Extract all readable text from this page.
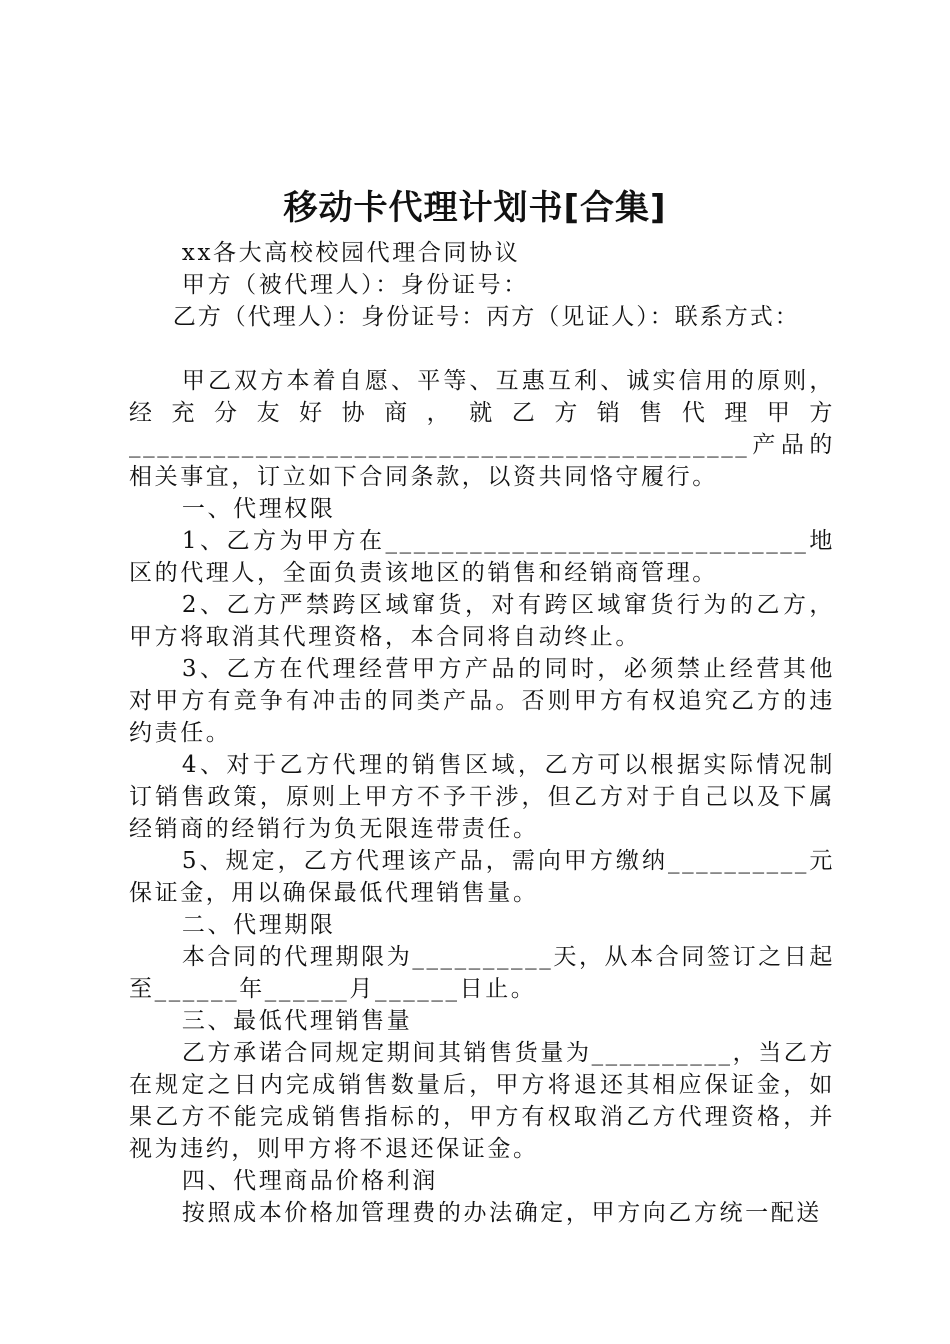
移动卡代理计划书[合集]

xx各大高校校园代理合同协议

甲方（被代理人）：身份证号：

乙方（代理人）：身份证号：丙方（见证人）：联系方式：

甲乙双方本着自愿、平等、互惠互利、诚实信用的原则，经充分友好协商，就乙方销售代理甲方____________________________________________产品的相关事宜，订立如下合同条款，以资共同恪守履行。

一、代理权限

1、乙方为甲方在______________________________地区的代理人，全面负责该地区的销售和经销商管理。

2、乙方严禁跨区域窜货，对有跨区域窜货行为的乙方，甲方将取消其代理资格，本合同将自动终止。

3、乙方在代理经营甲方产品的同时，必须禁止经营其他对甲方有竞争有冲击的同类产品。否则甲方有权追究乙方的违约责任。

4、对于乙方代理的销售区域，乙方可以根据实际情况制订销售政策，原则上甲方不予干涉，但乙方对于自己以及下属经销商的经销行为负无限连带责任。

5、规定，乙方代理该产品，需向甲方缴纳__________元保证金，用以确保最低代理销售量。

二、代理期限

本合同的代理期限为__________天，从本合同签订之日起至______年______月______日止。

三、最低代理销售量

乙方承诺合同规定期间其销售货量为__________，当乙方在规定之日内完成销售数量后，甲方将退还其相应保证金，如果乙方不能完成销售指标的，甲方有权取消乙方代理资格，并视为违约，则甲方将不退还保证金。

四、代理商品价格利润

按照成本价格加管理费的办法确定，甲方向乙方统一配送
